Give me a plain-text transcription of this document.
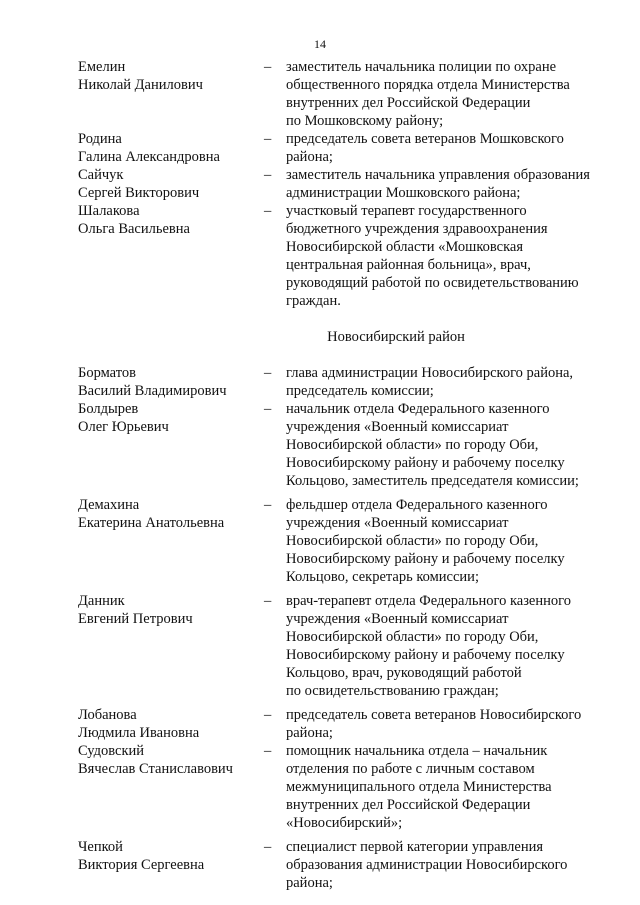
14
Емелин
Николай Данилович
–	заместитель начальника полиции по охране
общественного порядка отдела Министерства
внутренних дел Российской Федерации
по Мошковскому району;
Родина
Галина Александровна
–	председатель совета ветеранов Мошковского
района;
Сайчук
Сергей Викторович
–	заместитель начальника управления образования
администрации Мошковского района;
Шалакова
Ольга Васильевна
–	участковый терапевт государственного
бюджетного учреждения здравоохранения
Новосибирской области «Мошковская
центральная районная больница», врач,
руководящий работой по освидетельствованию
граждан.
Новосибирский район
Борматов
Василий Владимирович
–	глава администрации Новосибирского района,
председатель комиссии;
Болдырев
Олег Юрьевич
–	начальник отдела Федерального казенного
учреждения «Военный комиссариат
Новосибирской области» по городу Оби,
Новосибирскому району и рабочему поселку
Кольцово, заместитель председателя комиссии;
Демахина
Екатерина Анатольевна
–	фельдшер отдела Федерального казенного
учреждения «Военный комиссариат
Новосибирской области» по городу Оби,
Новосибирскому району и рабочему поселку
Кольцово, секретарь комиссии;
Данник
Евгений Петрович
–	врач-терапевт отдела Федерального казенного
учреждения «Военный комиссариат
Новосибирской области» по городу Оби,
Новосибирскому району и рабочему поселку
Кольцово, врач, руководящий работой
по освидетельствованию граждан;
Лобанова
Людмила Ивановна
–	председатель совета ветеранов Новосибирского
района;
Судовский
Вячеслав Станиславович
–	помощник начальника отдела – начальник
отделения по работе с личным составом
межмуниципального отдела Министерства
внутренних дел Российской Федерации
«Новосибирский»;
Чепкой
Виктория Сергеевна
–	специалист первой категории управления
образования администрации Новосибирского
района;
